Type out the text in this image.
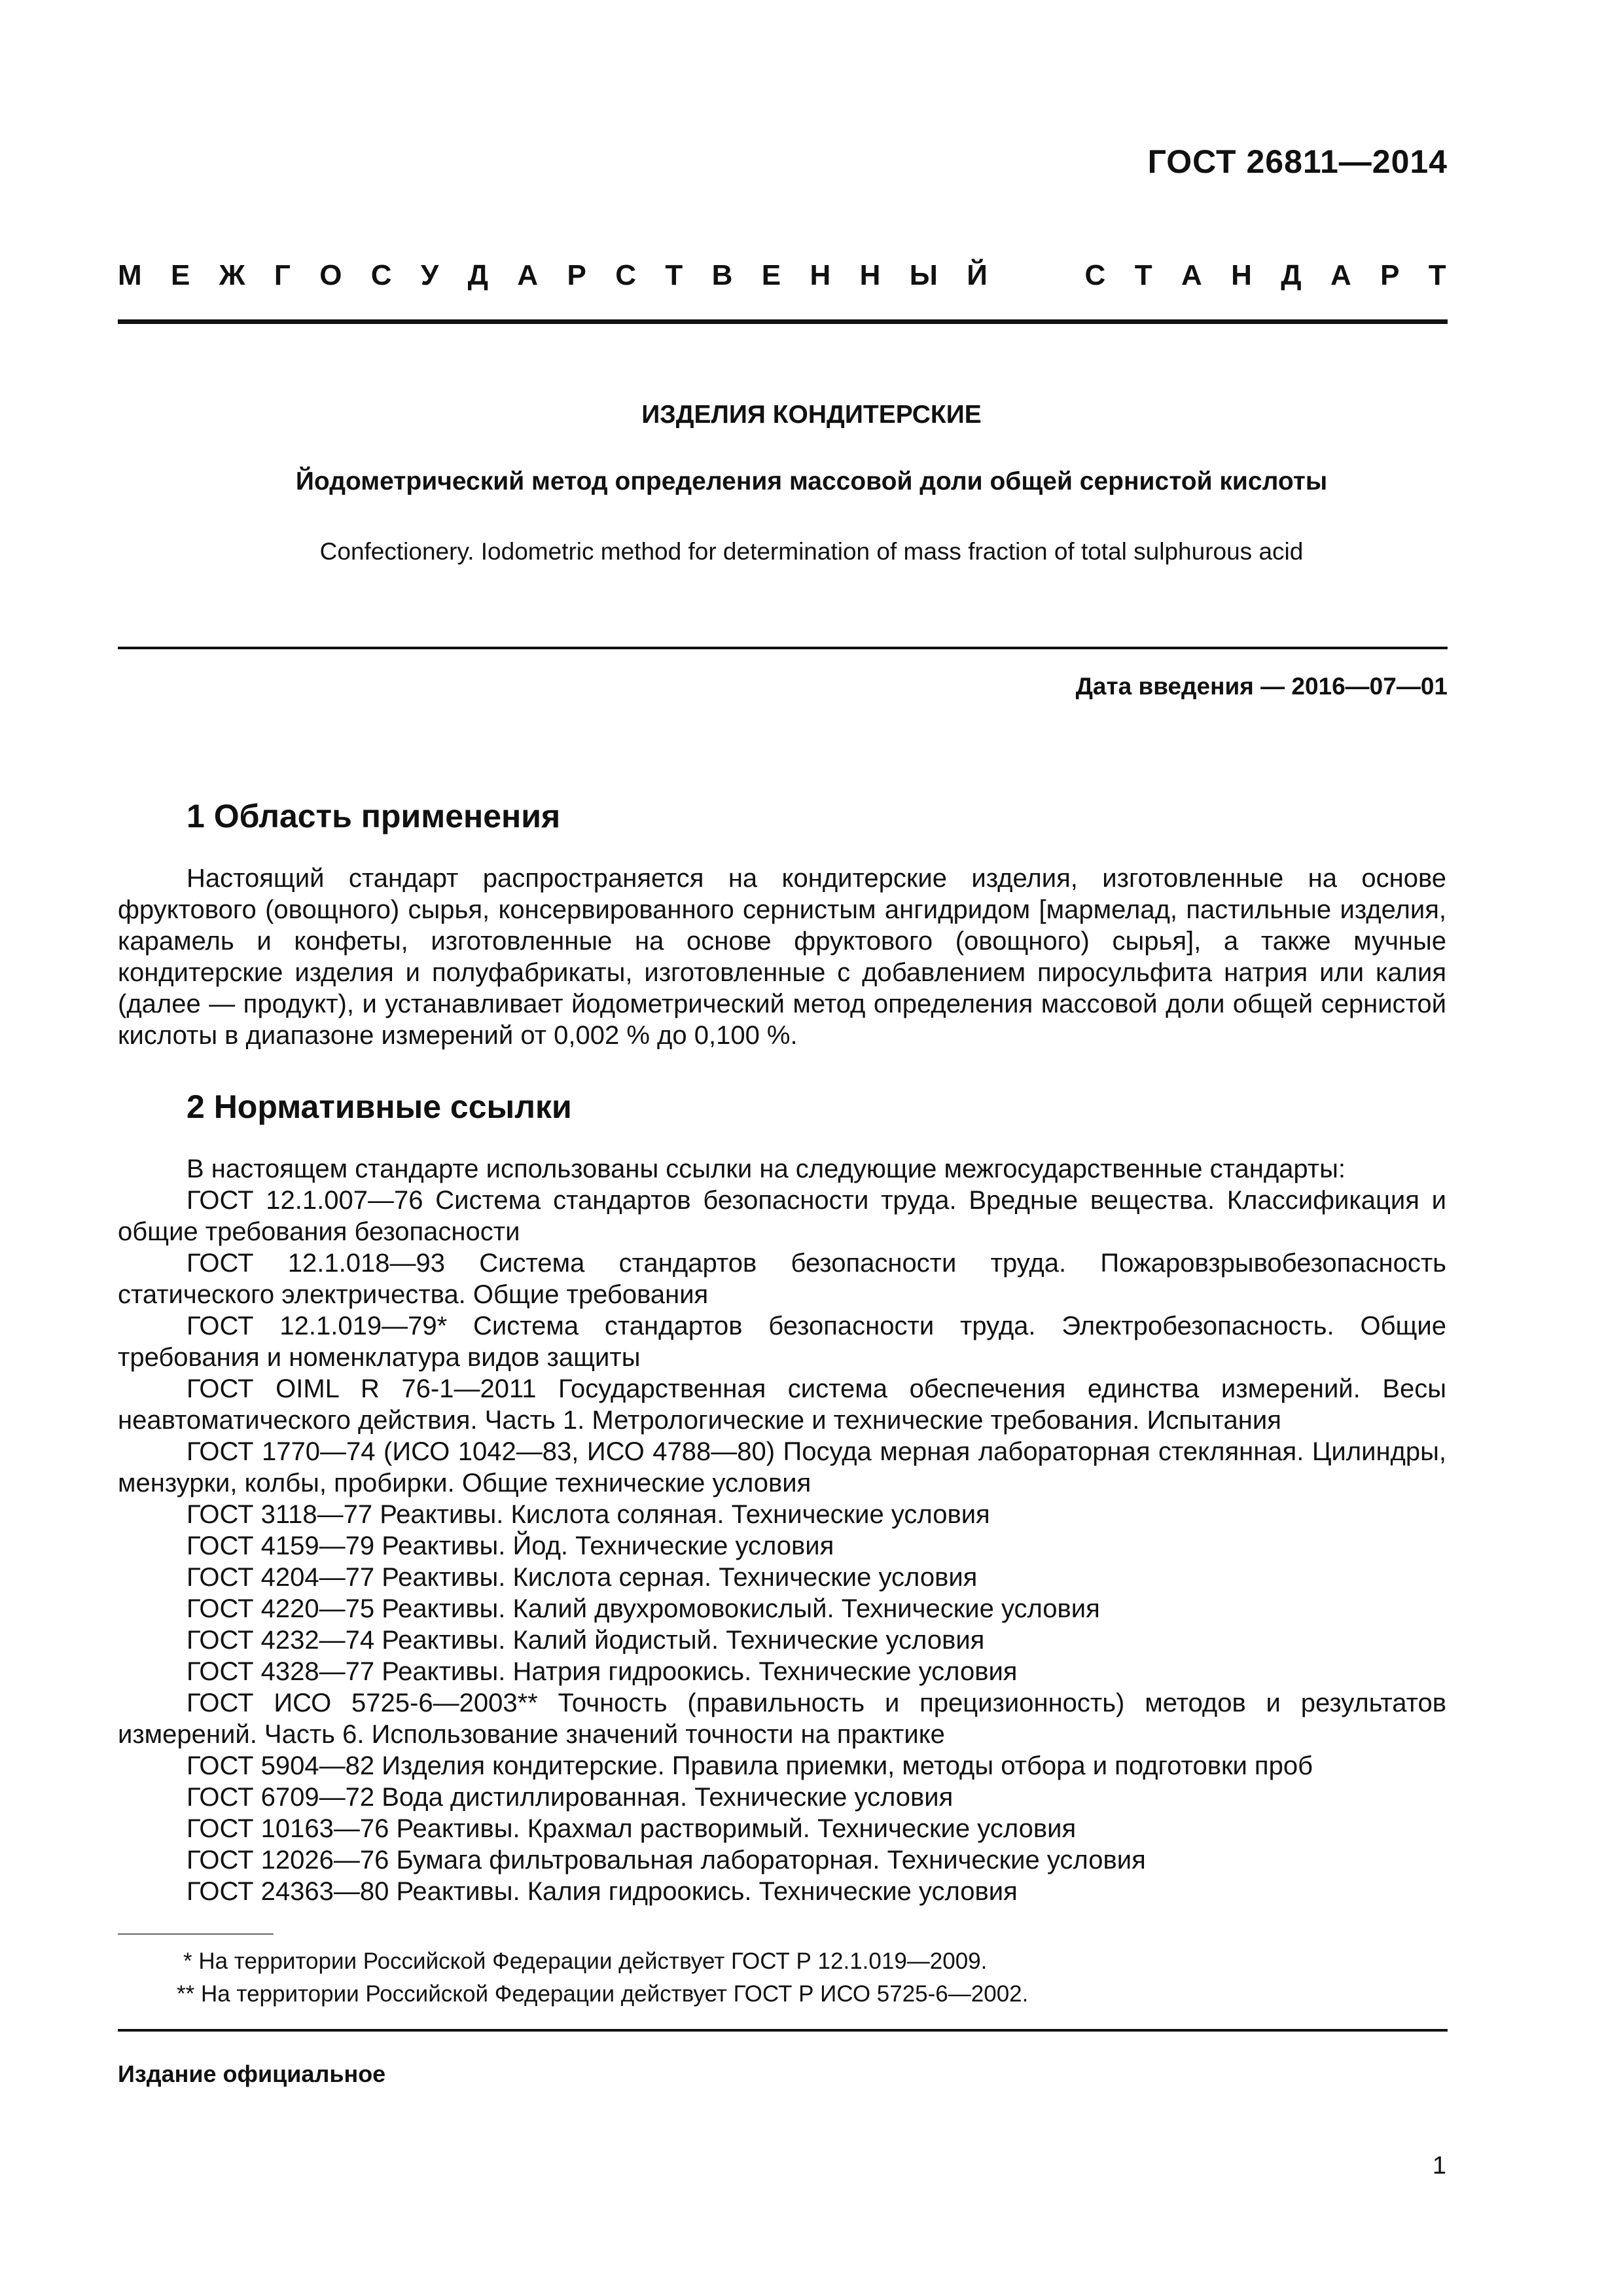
ГОСТ 26811—2014
М Е Ж Г О С У Д А Р С Т В Е Н Н Ы Й	С Т А Н Д А Р Т
ИЗДЕЛИЯ КОНДИТЕРСКИЕ
Йодометрический метод определения массовой доли общей сернистой кислоты
Confectionery. Iodometric method for determination of mass fraction of total sulphurous acid
Дата введения — 2016—07—01
1 Область применения

Настоящий стандарт распространяется на кондитерские изделия, изготовленные на основе фруктового (овощного) сырья, консервированного сернистым ангидридом [мармелад, пастильные изделия, карамель и конфеты, изготовленные на основе фруктового (овощного) сырья], а также мучные кондитерские изделия и полуфабрикаты, изготовленные с добавлением пиросульфита натрия или калия (далее — продукт), и устанавливает йодометрический метод определения массовой доли общей сернистой кислоты в диапазоне измерений от 0,002 % до 0,100 %.

2 Нормативные ссылки

В настоящем стандарте использованы ссылки на следующие межгосударственные стандарты:

ГОСТ 12.1.007—76 Система стандартов безопасности труда. Вредные вещества. Классификация и общие требования безопасности

ГОСТ 12.1.018—93 Система стандартов безопасности труда. Пожаровзрывобезопасность статического электричества. Общие требования

ГОСТ 12.1.019—79* Система стандартов безопасности труда. Электробезопасность. Общие требования и номенклатура видов защиты

ГОСТ OIML R 76-1—2011 Государственная система обеспечения единства измерений. Весы неавтоматического действия. Часть 1. Метрологические и технические требования. Испытания

ГОСТ 1770—74 (ИСО 1042—83, ИСО 4788—80) Посуда мерная лабораторная стеклянная. Цилиндры, мензурки, колбы, пробирки. Общие технические условия

ГОСТ 3118—77 Реактивы. Кислота соляная. Технические условия

ГОСТ 4159—79 Реактивы. Йод. Технические условия

ГОСТ 4204—77 Реактивы. Кислота серная. Технические условия

ГОСТ 4220—75 Реактивы. Калий двухромовокислый. Технические условия

ГОСТ 4232—74 Реактивы. Калий йодистый. Технические условия

ГОСТ 4328—77 Реактивы. Натрия гидроокись. Технические условия

ГОСТ ИСО 5725-6—2003** Точность (правильность и прецизионность) методов и результатов измерений. Часть 6. Использование значений точности на практике

ГОСТ 5904—82 Изделия кондитерские. Правила приемки, методы отбора и подготовки проб

ГОСТ 6709—72 Вода дистиллированная. Технические условия

ГОСТ 10163—76 Реактивы. Крахмал растворимый. Технические условия

ГОСТ 12026—76 Бумага фильтровальная лабораторная. Технические условия

ГОСТ 24363—80 Реактивы. Калия гидроокись. Технические условия

* На территории Российской Федерации действует ГОСТ Р 12.1.019—2009.
** На территории Российской Федерации действует ГОСТ Р ИСО 5725-6—2002.
Издание официальное
1
